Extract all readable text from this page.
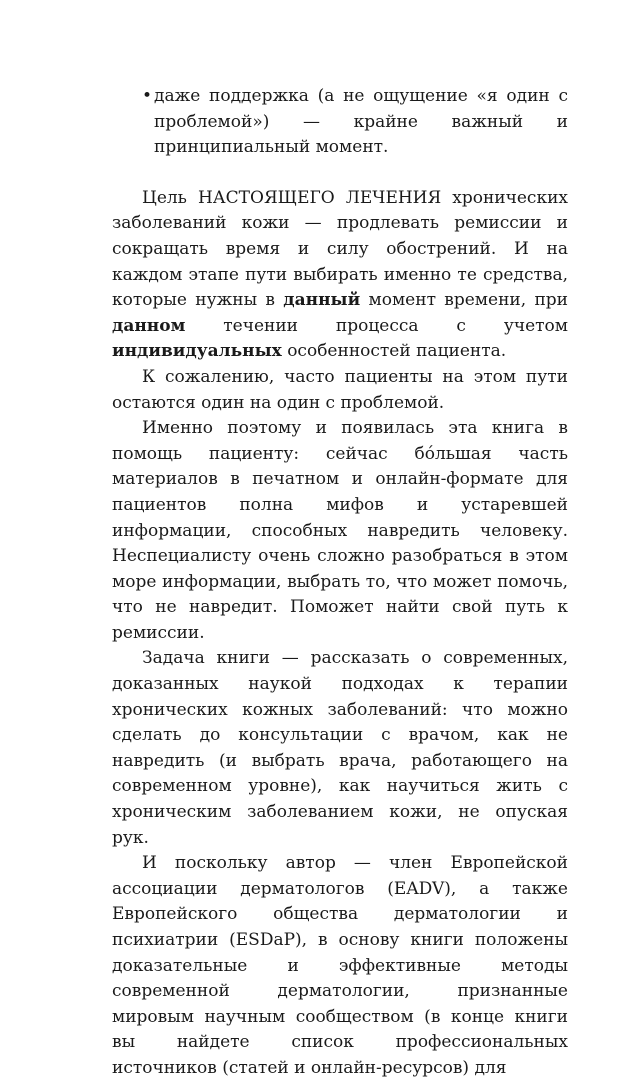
• даже поддержка (а не ощущение «я один с проблемой») — крайне важный и принципиальный момент.

Цель НАСТОЯЩЕГО ЛЕЧЕНИЯ хронических заболеваний кожи — продлевать ремиссии и сокращать время и силу обострений. И на каждом этапе пути выбирать именно те средства, которые нужны в данный момент времени, при данном течении процесса с учетом индивидуальных особенностей пациента.

К сожалению, часто пациенты на этом пути остаются один на один с проблемой.

Именно поэтому и появилась эта книга в помощь пациенту: сейчас бóльшая часть материалов в печатном и онлайн-формате для пациентов полна мифов и устаревшей информации, способных навредить человеку. Неспециалисту очень сложно разобраться в этом море информации, выбрать то, что может помочь, что не навредит. Поможет найти свой путь к ремиссии.

Задача книги — рассказать о современных, доказанных наукой подходах к терапии хронических кожных заболеваний: что можно сделать до консультации с врачом, как не навредить (и выбрать врача, работающего на современном уровне), как научиться жить с хроническим заболеванием кожи, не опуская рук.

И поскольку автор — член Европейской ассоциации дерматологов (EADV), а также Европейского общества дерматологии и психиатрии (ESDaP), в основу книги положены доказательные и эффективные методы современной дерматологии, признанные мировым научным сообществом (в конце книги вы найдете список профессиональных источников (статей и онлайн-ресурсов) для
